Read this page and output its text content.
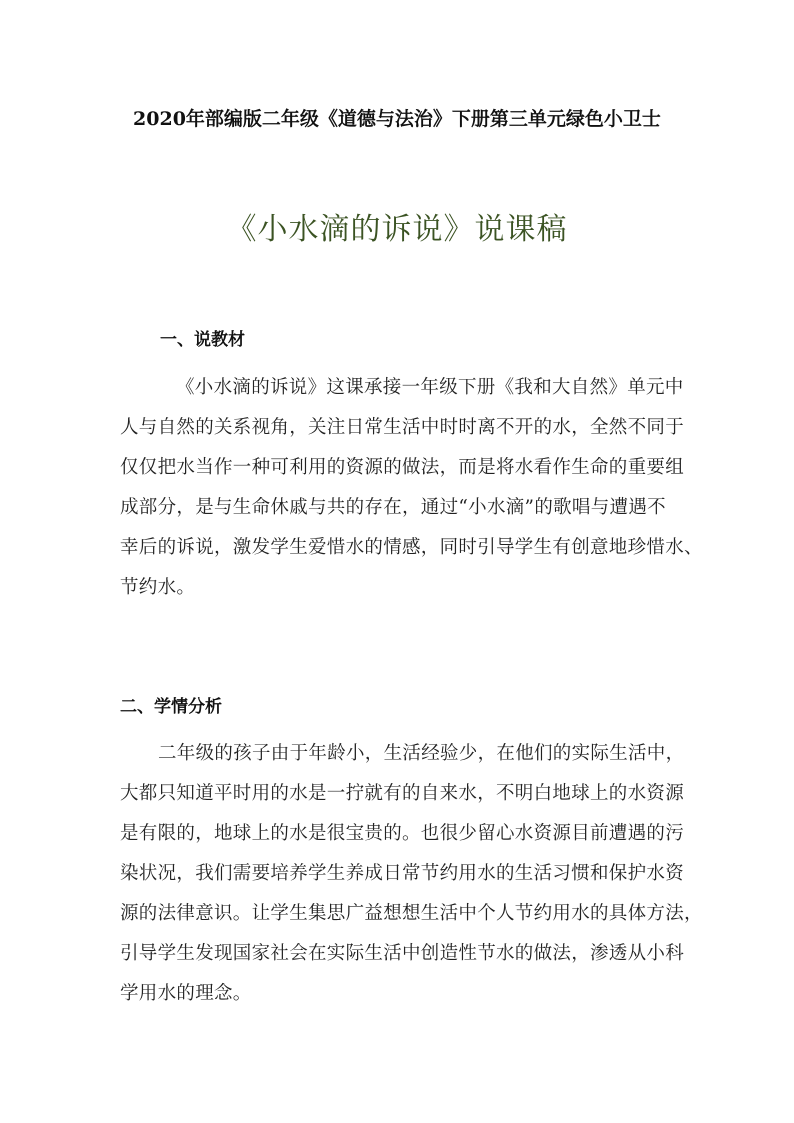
2020年部编版二年级《道德与法治》下册第三单元绿色小卫士
《小水滴的诉说》说课稿
一、说教材
《小水滴的诉说》这课承接一年级下册《我和大自然》单元中
人与自然的关系视角，关注日常生活中时时离不开的水，全然不同于
仅仅把水当作一种可利用的资源的做法，而是将水看作生命的重要组
成部分，是与生命休戚与共的存在，通过“小水滴”的歌唱与遭遇不
幸后的诉说，激发学生爱惜水的情感，同时引导学生有创意地珍惜水、
节约水。
二、学情分析
二年级的孩子由于年龄小，生活经验少，在他们的实际生活中，
大都只知道平时用的水是一拧就有的自来水，不明白地球上的水资源
是有限的，地球上的水是很宝贵的。也很少留心水资源目前遭遇的污
染状况，我们需要培养学生养成日常节约用水的生活习惯和保护水资
源的法律意识。让学生集思广益想想生活中个人节约用水的具体方法，
引导学生发现国家社会在实际生活中创造性节水的做法，渗透从小科
学用水的理念。
